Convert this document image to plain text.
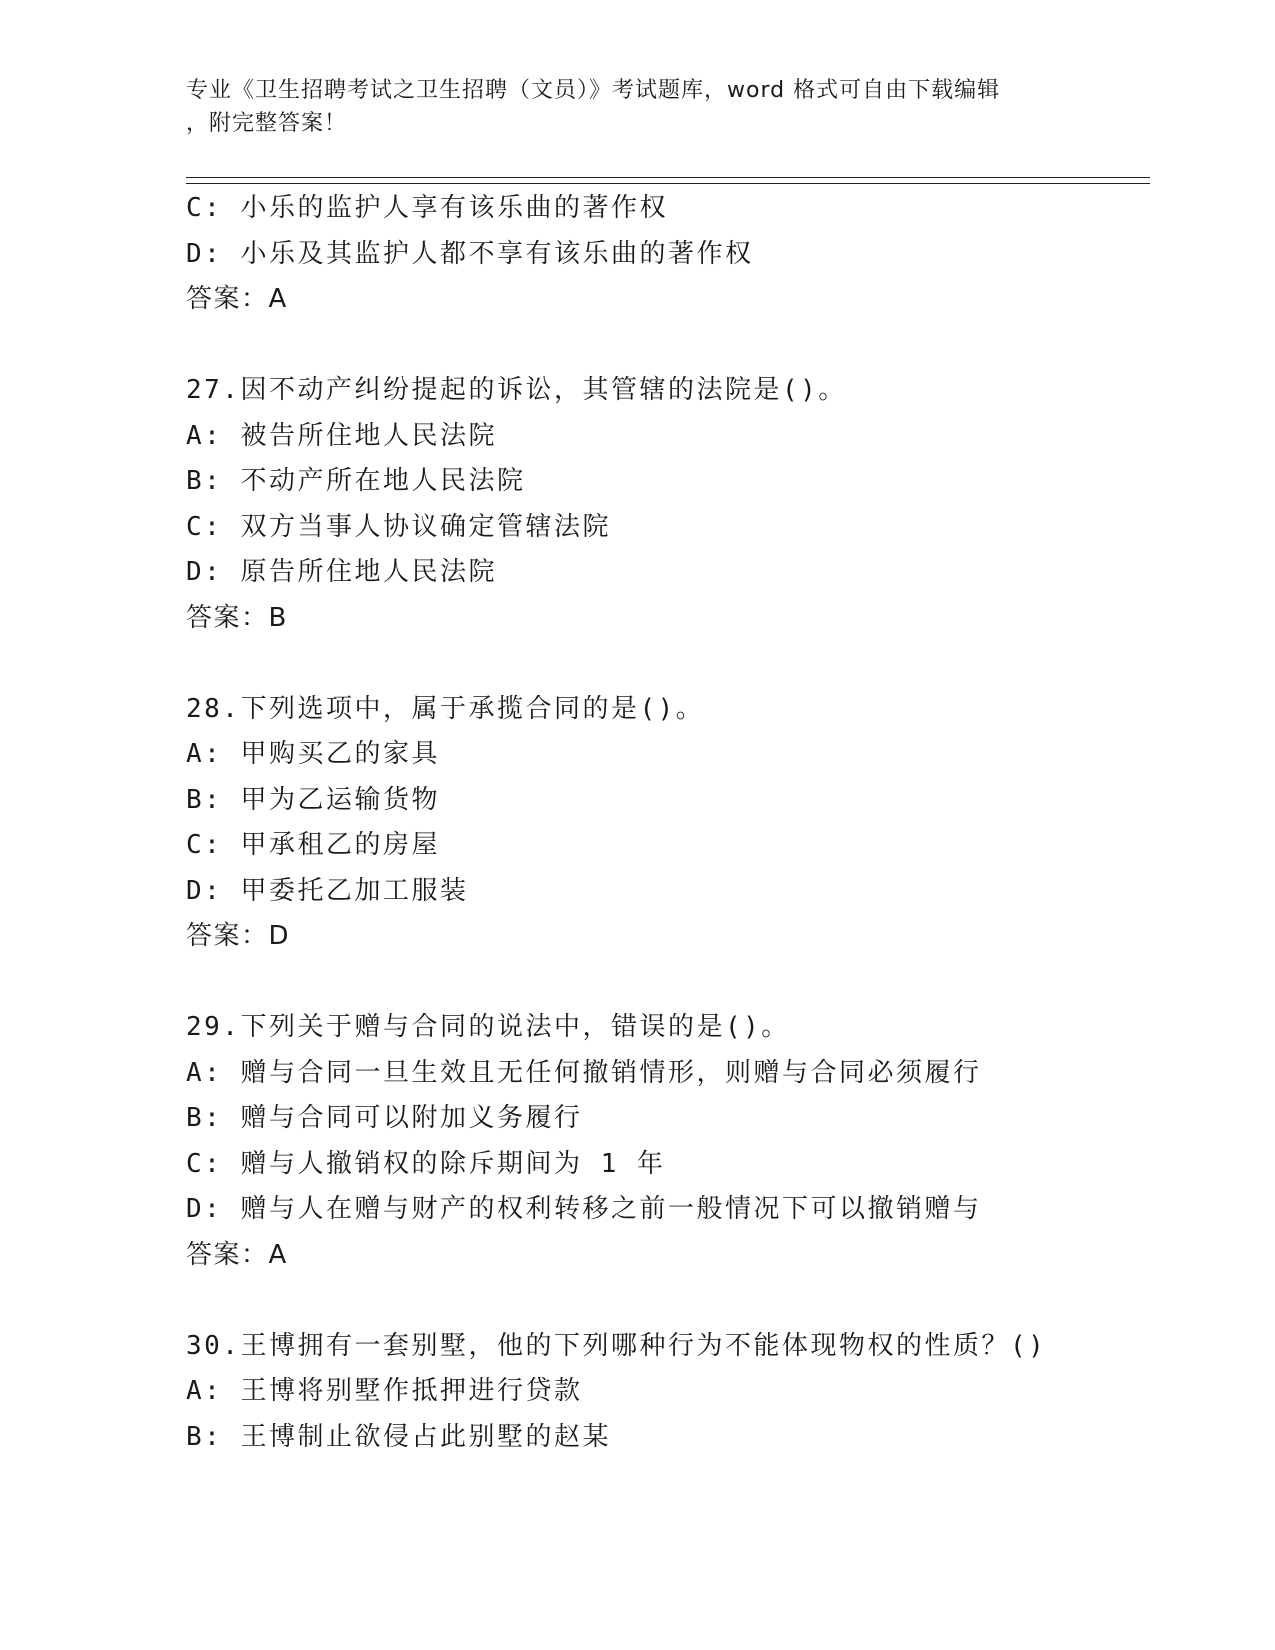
专业《卫生招聘考试之卫生招聘（文员）》考试题库，word 格式可自由下载编辑
，附完整答案！
C: 小乐的监护人享有该乐曲的著作权
D: 小乐及其监护人都不享有该乐曲的著作权
答案：A
27.因不动产纠纷提起的诉讼，其管辖的法院是()。
A: 被告所住地人民法院
B: 不动产所在地人民法院
C: 双方当事人协议确定管辖法院
D: 原告所住地人民法院
答案：B
28.下列选项中，属于承揽合同的是()。
A: 甲购买乙的家具
B: 甲为乙运输货物
C: 甲承租乙的房屋
D: 甲委托乙加工服装
答案：D
29.下列关于赠与合同的说法中，错误的是()。
A: 赠与合同一旦生效且无任何撤销情形，则赠与合同必须履行
B: 赠与合同可以附加义务履行
C: 赠与人撤销权的除斥期间为 1 年
D: 赠与人在赠与财产的权利转移之前一般情况下可以撤销赠与
答案：A
30.王博拥有一套别墅，他的下列哪种行为不能体现物权的性质？()
A: 王博将别墅作抵押进行贷款
B: 王博制止欲侵占此别墅的赵某
